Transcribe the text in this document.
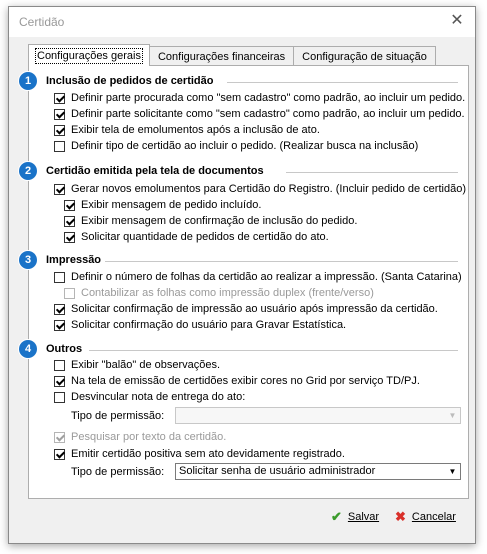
Certidão	✕
Configurações gerais	Configurações financeiras	Configuração de situação
1	Inclusão de pedidos de certidão
Definir parte procurada como "sem cadastro" como padrão, ao incluir um pedido.
Definir parte solicitante como "sem cadastro" como padrão, ao incluir um pedido.
Exibir tela de emolumentos após a inclusão de ato.
Definir tipo de certidão ao incluir o pedido. (Realizar busca na inclusão)
2	Certidão emitida pela tela de documentos
Gerar novos emolumentos para Certidão do Registro. (Incluir pedido de certidão)
Exibir mensagem de pedido incluído.
Exibir mensagem de confirmação de inclusão do pedido.
Solicitar quantidade de pedidos de certidão do ato.
3	Impressão
Definir o número de folhas da certidão ao realizar a impressão. (Santa Catarina)
Contabilizar as folhas como impressão duplex (frente/verso)
Solicitar confirmação de impressão ao usuário após impressão da certidão.
Solicitar confirmação do usuário para Gravar Estatística.
4	Outros
Exibir "balão" de observações.
Na tela de emissão de certidões exibir cores no Grid por serviço TD/PJ.
Desvincular nota de entrega do ato:
Tipo de permissão:	▼
Pesquisar por texto da certidão.
Emitir certidão positiva sem ato devidamente registrado.
Tipo de permissão:	Solicitar senha de usuário administrador	▼
✔ Salvar ✖ Cancelar
